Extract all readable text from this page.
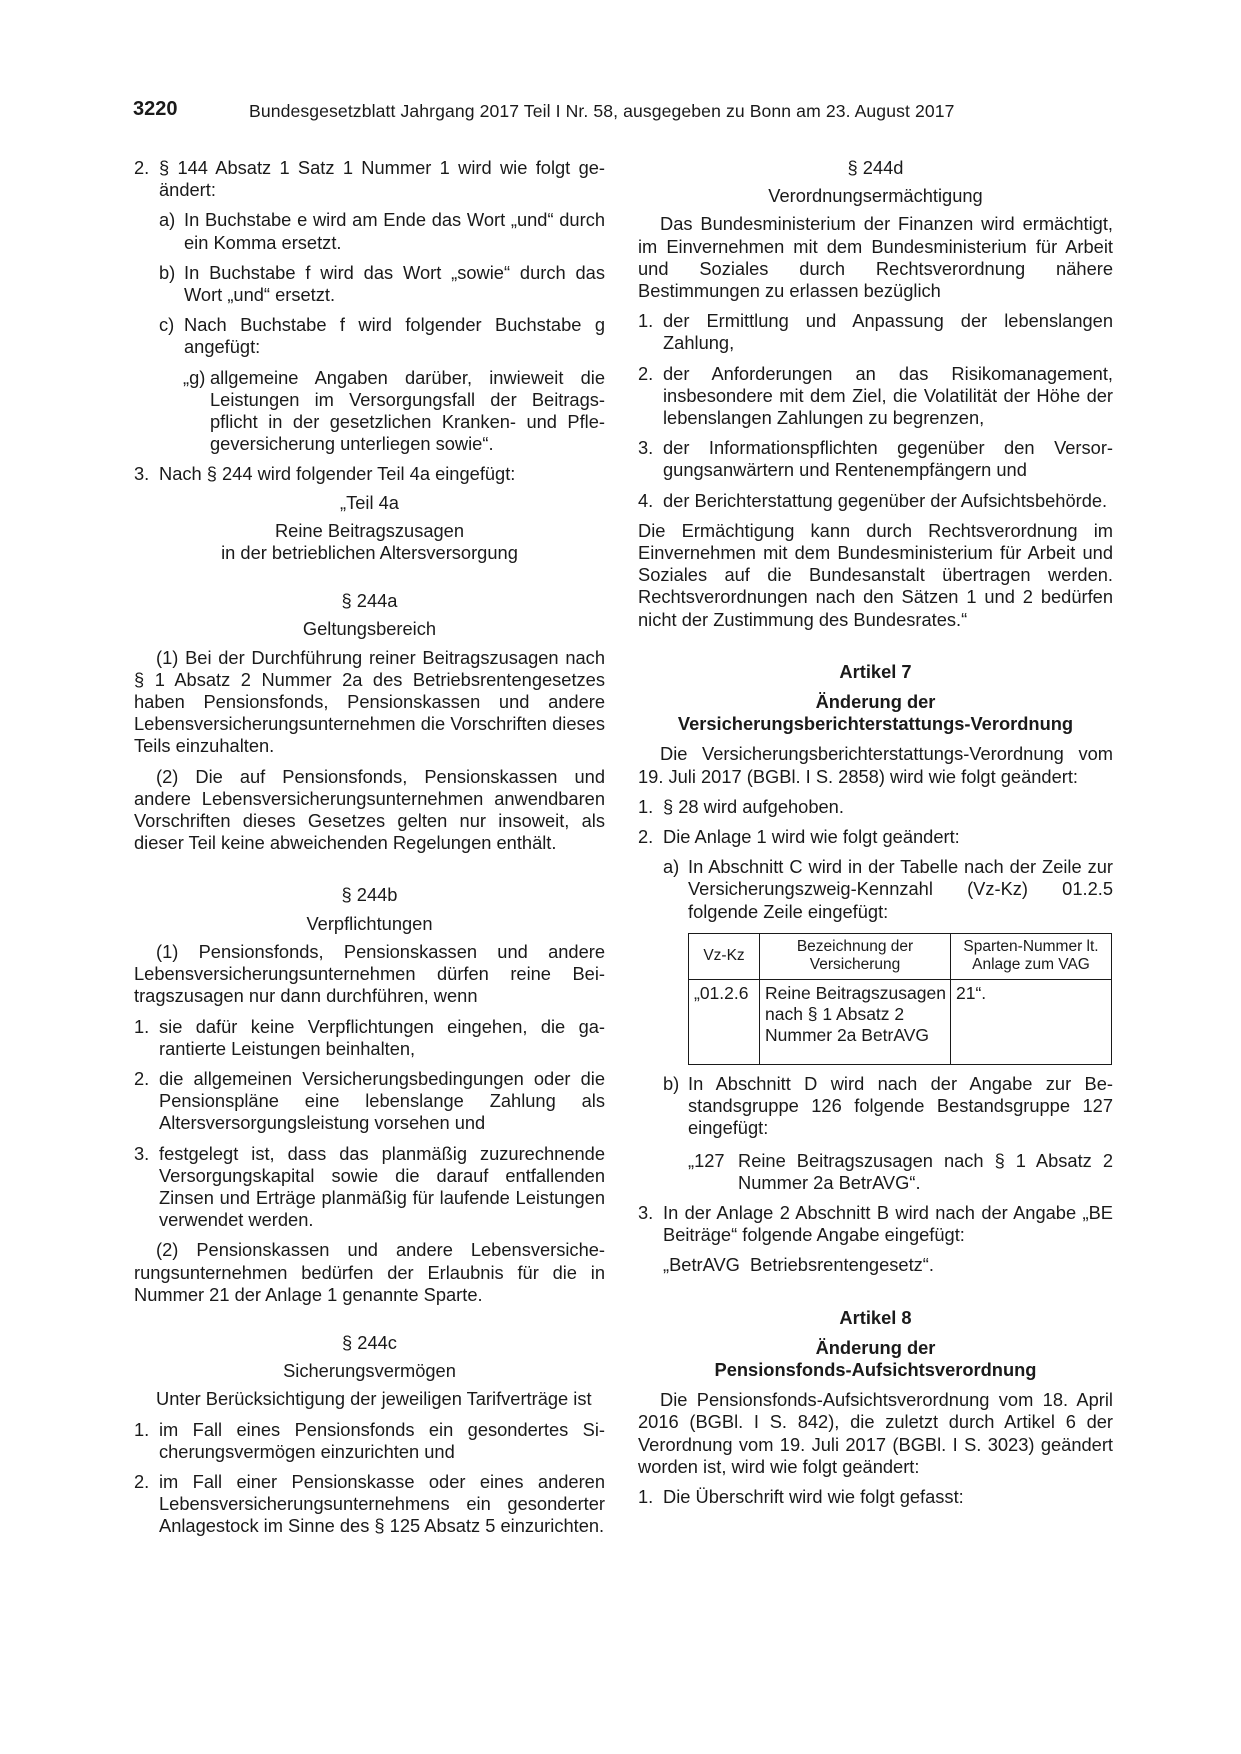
3220	Bundesgesetzblatt Jahrgang 2017 Teil I Nr. 58, ausgegeben zu Bonn am 23. August 2017
2. § 144 Absatz 1 Satz 1 Nummer 1 wird wie folgt geändert:

a) In Buchstabe e wird am Ende das Wort „und“ durch ein Komma ersetzt.

b) In Buchstabe f wird das Wort „sowie“ durch das Wort „und“ ersetzt.

c) Nach Buchstabe f wird folgender Buchstabe g angefügt:

„g) allgemeine Angaben darüber, inwieweit die Leistungen im Versorgungsfall der Beitragspflicht in der gesetzlichen Kranken- und Pflegeversicherung unterliegen sowie“.

3. Nach § 244 wird folgender Teil 4a eingefügt:

„Teil 4a

Reine Beitragszusagen

in der betrieblichen Altersversorgung

§ 244a

Geltungsbereich

(1) Bei der Durchführung reiner Beitragszusagen nach § 1 Absatz 2 Nummer 2a des Betriebsrentengesetzes haben Pensionsfonds, Pensionskassen und andere Lebensversicherungsunternehmen die Vorschriften dieses Teils einzuhalten.

(2) Die auf Pensionsfonds, Pensionskassen und andere Lebensversicherungsunternehmen anwendbaren Vorschriften dieses Gesetzes gelten nur insoweit, als dieser Teil keine abweichenden Regelungen enthält.

§ 244b

Verpflichtungen

(1) Pensionsfonds, Pensionskassen und andere Lebensversicherungsunternehmen dürfen reine Beitragszusagen nur dann durchführen, wenn

1. sie dafür keine Verpflichtungen eingehen, die garantierte Leistungen beinhalten,

2. die allgemeinen Versicherungsbedingungen oder die Pensionspläne eine lebenslange Zahlung als Altersversorgungsleistung vorsehen und

3. festgelegt ist, dass das planmäßig zuzurechnende Versorgungskapital sowie die darauf entfallenden Zinsen und Erträge planmäßig für laufende Leistungen verwendet werden.

(2) Pensionskassen und andere Lebensversicherungsunternehmen bedürfen der Erlaubnis für die in Nummer 21 der Anlage 1 genannte Sparte.

§ 244c

Sicherungsvermögen

Unter Berücksichtigung der jeweiligen Tarifverträge ist

1. im Fall eines Pensionsfonds ein gesondertes Sicherungsvermögen einzurichten und

2. im Fall einer Pensionskasse oder eines anderen Lebensversicherungsunternehmens ein gesonderter Anlagestock im Sinne des § 125 Absatz 5 einzurichten.

§ 244d

Verordnungsermächtigung

Das Bundesministerium der Finanzen wird ermächtigt, im Einvernehmen mit dem Bundesministerium für Arbeit und Soziales durch Rechtsverordnung nähere Bestimmungen zu erlassen bezüglich

1. der Ermittlung und Anpassung der lebenslangen Zahlung,

2. der Anforderungen an das Risikomanagement, insbesondere mit dem Ziel, die Volatilität der Höhe der lebenslangen Zahlungen zu begrenzen,

3. der Informationspflichten gegenüber den Versorgungsanwärtern und Rentenempfängern und

4. der Berichterstattung gegenüber der Aufsichtsbehörde.

Die Ermächtigung kann durch Rechtsverordnung im Einvernehmen mit dem Bundesministerium für Arbeit und Soziales auf die Bundesanstalt übertragen werden. Rechtsverordnungen nach den Sätzen 1 und 2 bedürfen nicht der Zustimmung des Bundesrates.“

Artikel 7

Änderung der

Versicherungsberichterstattungs-Verordnung

Die Versicherungsberichterstattungs-Verordnung vom 19. Juli 2017 (BGBl. I S. 2858) wird wie folgt geändert:

1. § 28 wird aufgehoben.

2. Die Anlage 1 wird wie folgt geändert:

a) In Abschnitt C wird in der Tabelle nach der Zeile zur Versicherungszweig-Kennzahl (Vz-Kz) 01.2.5 folgende Zeile eingefügt:

Vz-Kz	Bezeichnung der Versicherung	Sparten-Nummer lt. Anlage zum VAG
„01.2.6	Reine Beitragszusagen nach § 1 Absatz 2 Nummer 2a BetrAVG	21“.
b) In Abschnitt D wird nach der Angabe zur Bestandsgruppe 126 folgende Bestandsgruppe 127 eingefügt:

„127 Reine Beitragszusagen nach § 1 Absatz 2 Nummer 2a BetrAVG“.

3. In der Anlage 2 Abschnitt B wird nach der Angabe „BE Beiträge“ folgende Angabe eingefügt:

„BetrAVG  Betriebsrentengesetz“.

Artikel 8

Änderung der

Pensionsfonds-Aufsichtsverordnung

Die Pensionsfonds-Aufsichtsverordnung vom 18. April 2016 (BGBl. I S. 842), die zuletzt durch Artikel 6 der Verordnung vom 19. Juli 2017 (BGBl. I S. 3023) geändert worden ist, wird wie folgt geändert:

1. Die Überschrift wird wie folgt gefasst:
